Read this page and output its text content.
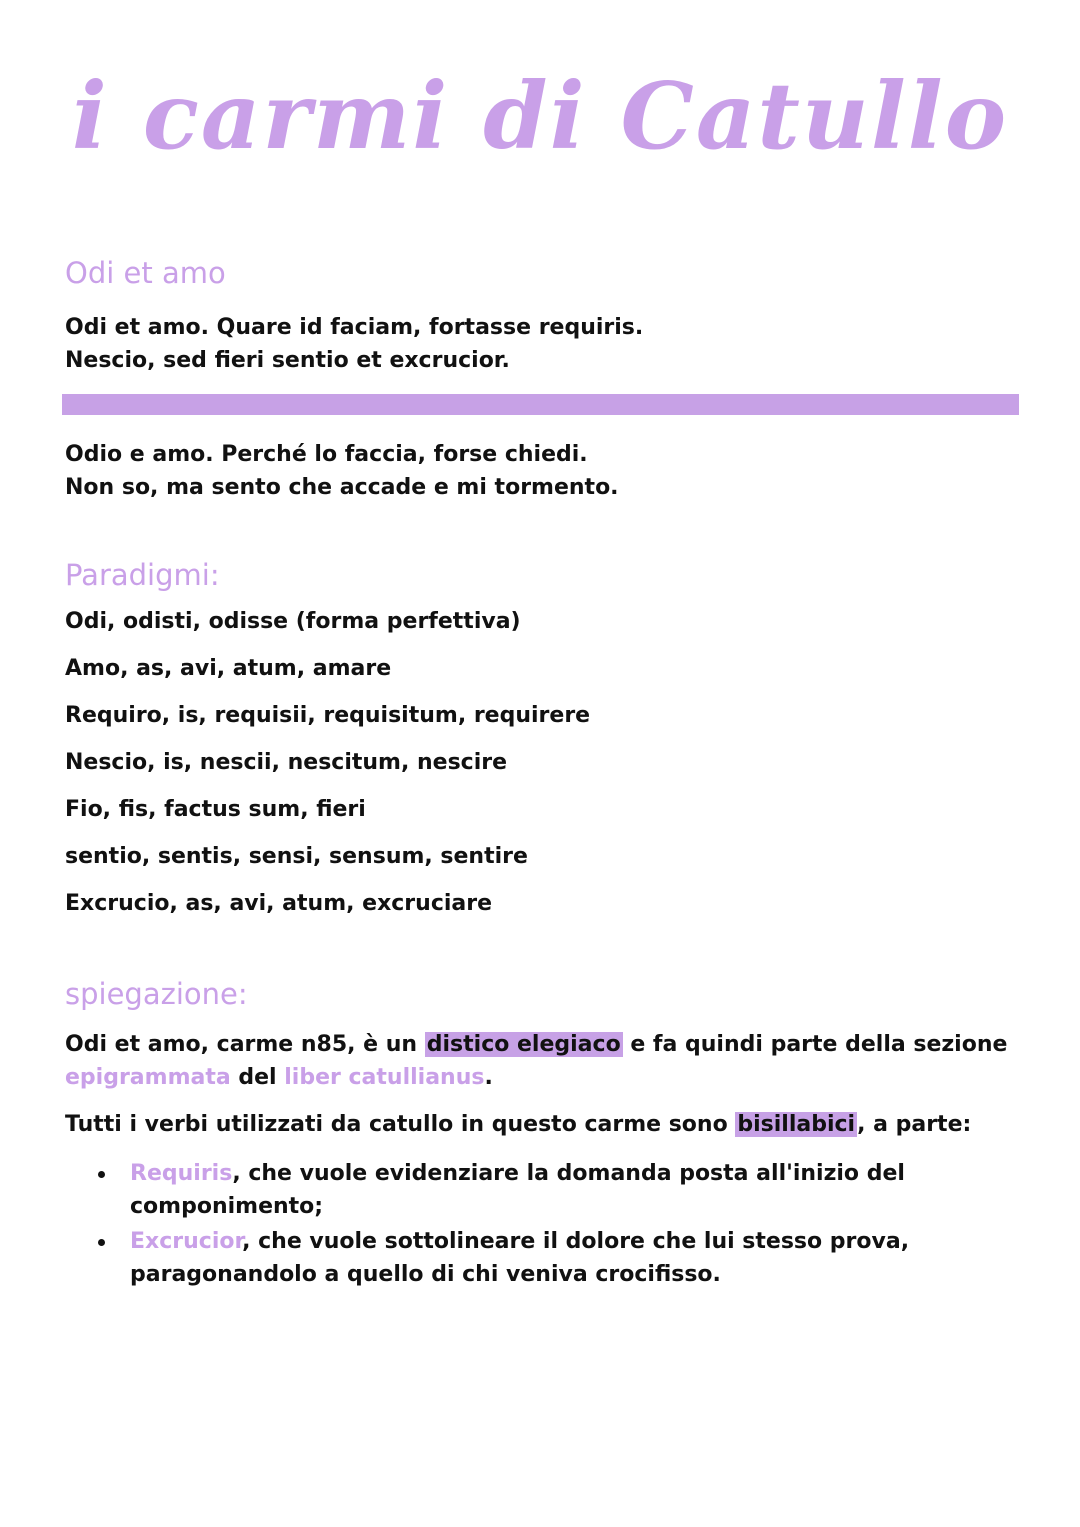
i carmi di Catullo
Odi et amo
Odi et amo. Quare id faciam, fortasse requiris.
Nescio, sed fieri sentio et excrucior.
Odio e amo. Perché lo faccia, forse chiedi.
Non so, ma sento che accade e mi tormento.
Paradigmi:
Odi, odisti, odisse (forma perfettiva)
Amo, as, avi, atum, amare
Requiro, is, requisii, requisitum, requirere
Nescio, is, nescii, nescitum, nescire
Fio, fis, factus sum, fieri
sentio, sentis, sensi, sensum, sentire
Excrucio, as, avi, atum, excruciare
spiegazione:
Odi et amo, carme n85, è un distico elegiaco e fa quindi parte della sezione epigrammata del liber catullianus.
Tutti i verbi utilizzati da catullo in questo carme sono bisillabici, a parte:
Requiris, che vuole evidenziare la domanda posta all'inizio del componimento;
Excrucior, che vuole sottolineare il dolore che lui stesso prova, paragonandolo a quello di chi veniva crocifisso.
